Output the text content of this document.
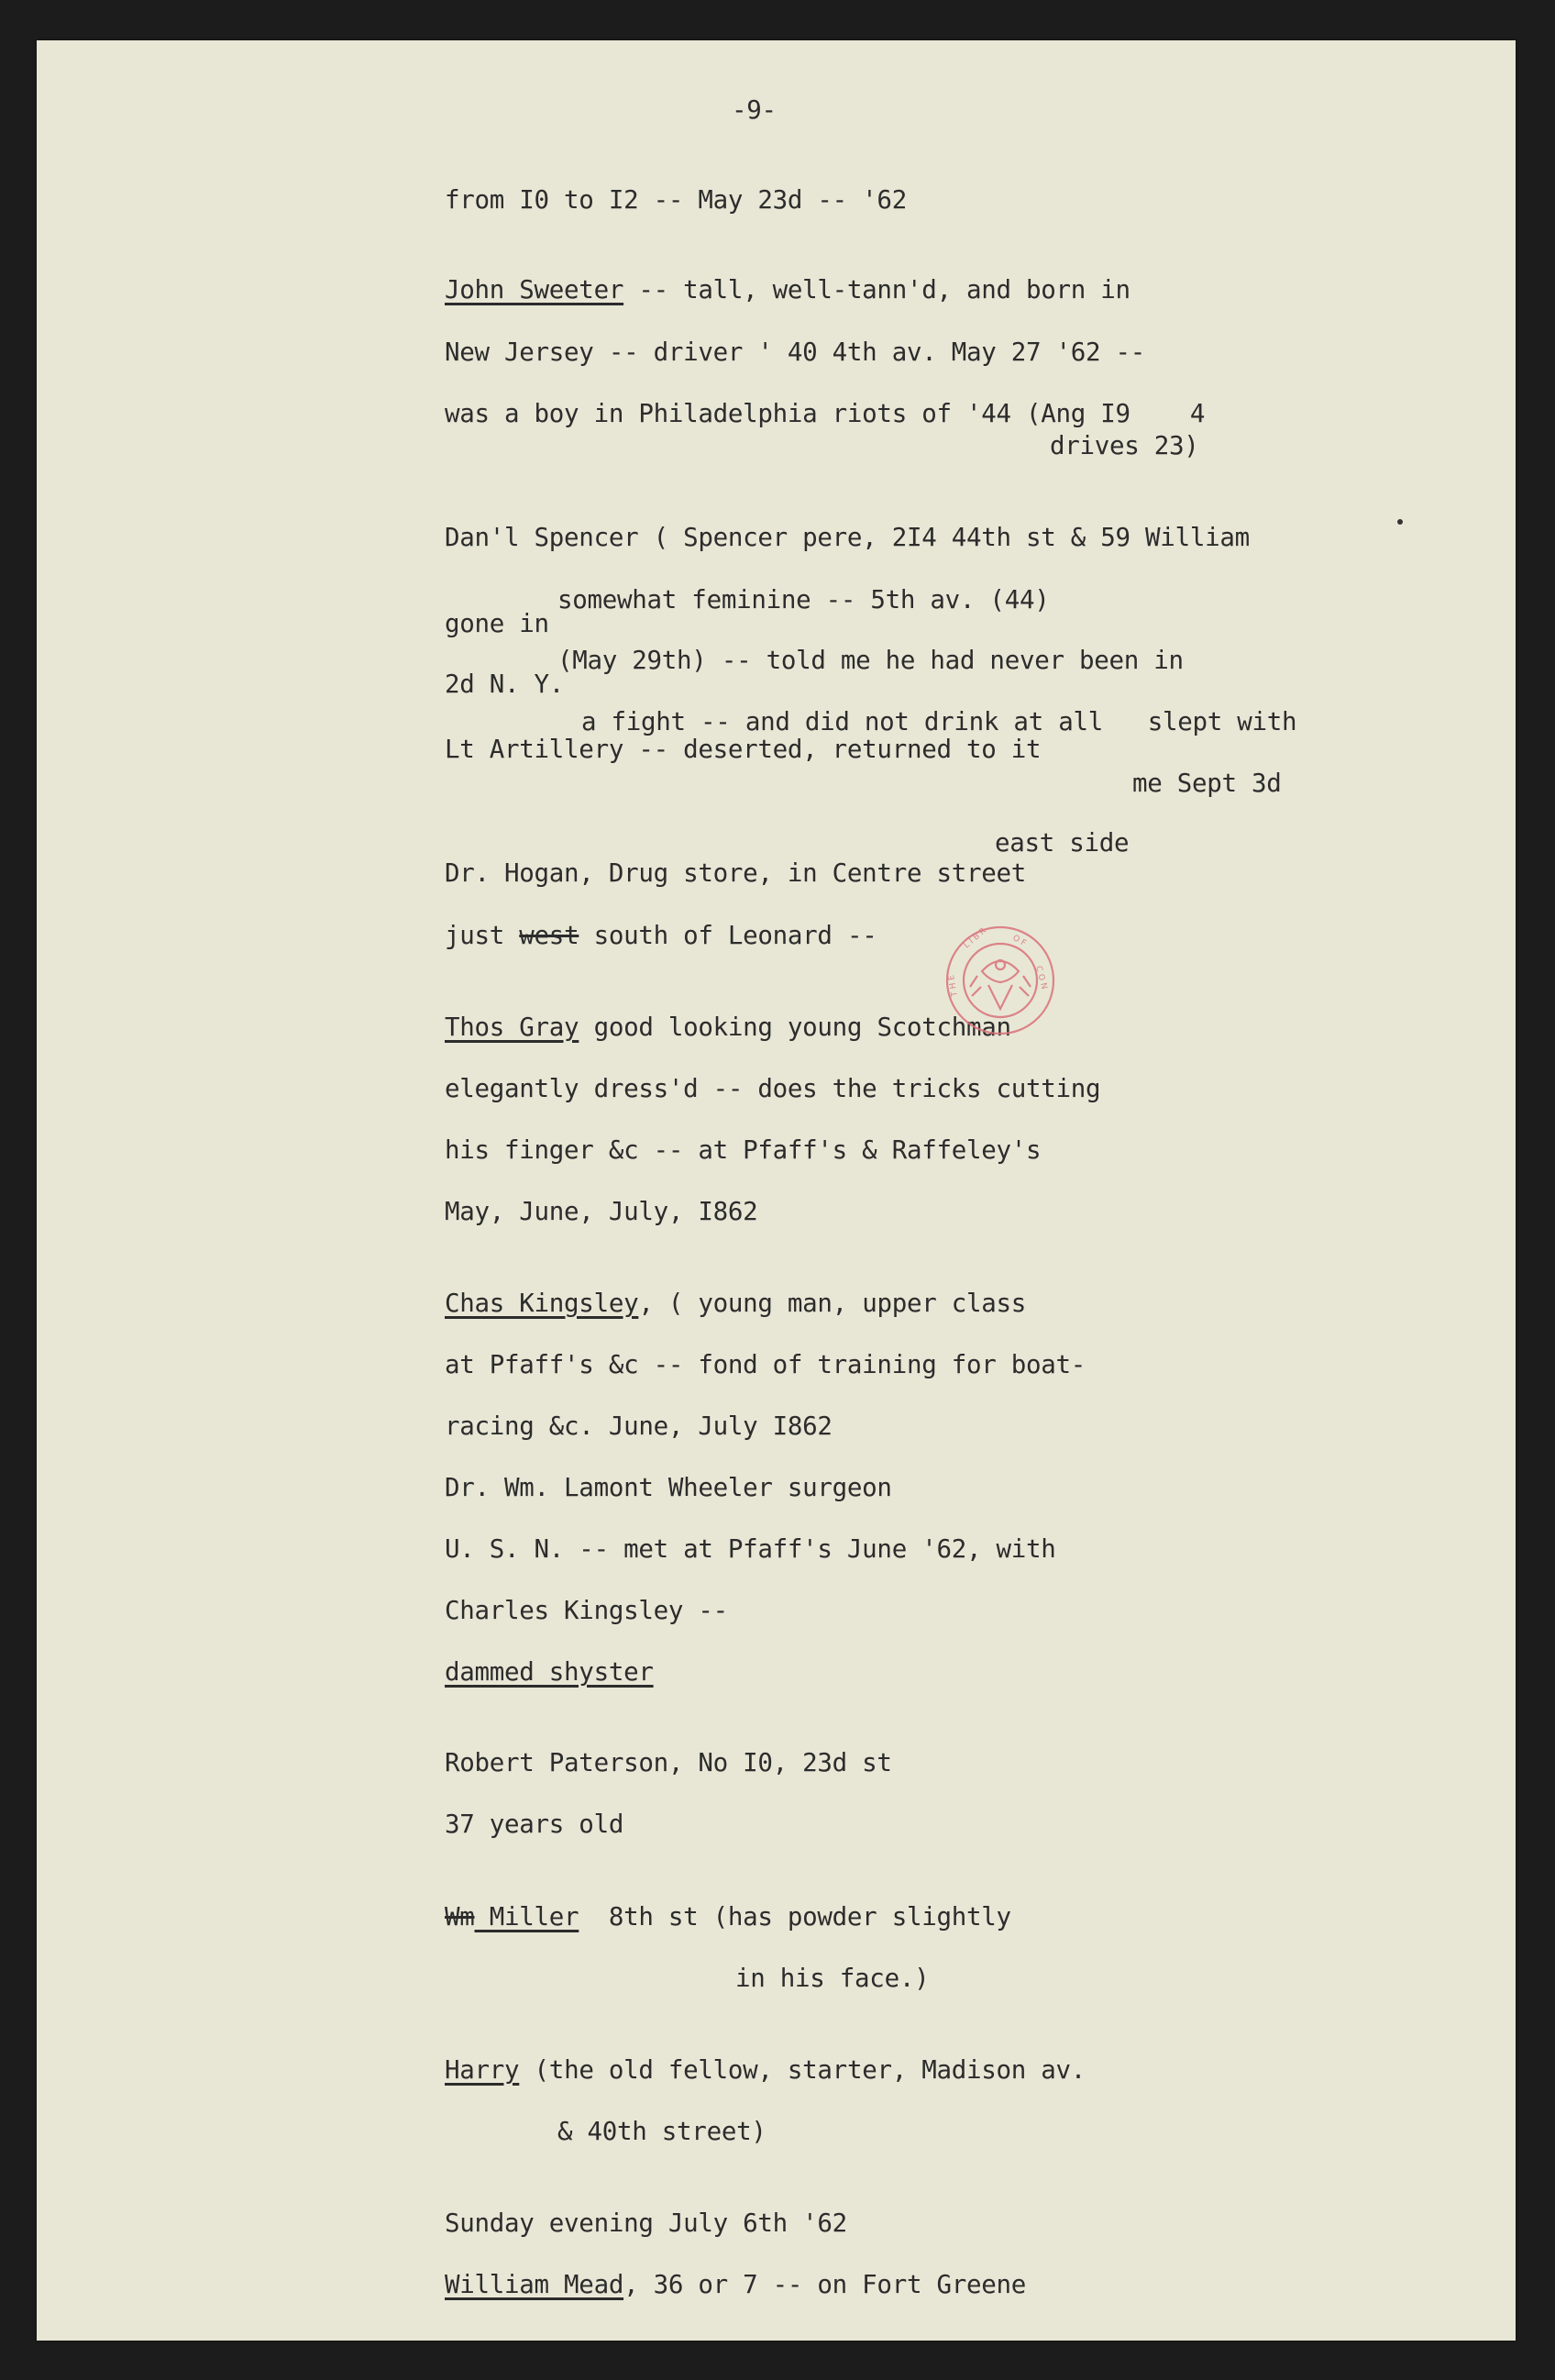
-9-
from I0 to I2 -- May 23d -- '62
John Sweeter -- tall, well-tann'd, and born in
New Jersey -- driver ' 40 4th av. May 27 '62 --
was a boy in Philadelphia riots of '44 (Ang I9    4
drives 23)
Dan'l Spencer ( Spencer pere, 2I4 44th st & 59 William
somewhat feminine -- 5th av. (44)
gone in
(May 29th) -- told me he had never been in
2d N. Y.
a fight -- and did not drink at all   slept with
Lt Artillery -- deserted, returned to it
me Sept 3d
east side
Dr. Hogan, Drug store, in Centre street
just west south of Leonard --
Thos Gray good looking young Scotchman
elegantly dress'd -- does the tricks cutting
his finger &c -- at Pfaff's & Raffeley's
May, June, July, I862
Chas Kingsley, ( young man, upper class
at Pfaff's &c -- fond of training for boat-
racing &c. June, July I862
Dr. Wm. Lamont Wheeler surgeon
U. S. N. -- met at Pfaff's June '62, with
Charles Kingsley --
dammed shyster
Robert Paterson, No I0, 23d st
37 years old
Wm Miller  8th st (has powder slightly
in his face.)
Harry (the old fellow, starter, Madison av.
& 40th street)
Sunday evening July 6th '62
William Mead, 36 or 7 -- on Fort Greene
L I B R	O F
C O N
T H E
